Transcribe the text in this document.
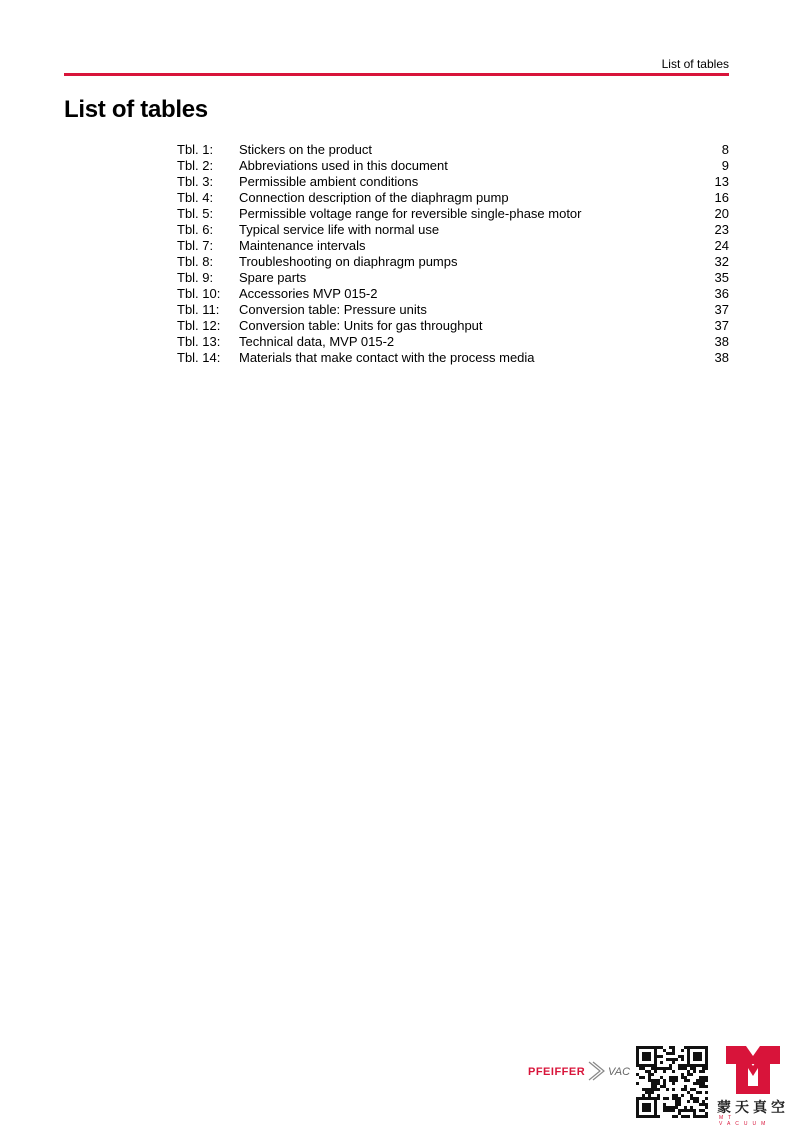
List of tables
List of tables
Tbl. 1:	Stickers on the product	8
Tbl. 2:	Abbreviations used in this document	9
Tbl. 3:	Permissible ambient conditions	13
Tbl. 4:	Connection description of the diaphragm pump	16
Tbl. 5:	Permissible voltage range for reversible single-phase motor	20
Tbl. 6:	Typical service life with normal use	23
Tbl. 7:	Maintenance intervals	24
Tbl. 8:	Troubleshooting on diaphragm pumps	32
Tbl. 9:	Spare parts	35
Tbl. 10:	Accessories MVP 015-2	36
Tbl. 11:	Conversion table: Pressure units	37
Tbl. 12:	Conversion table: Units for gas throughput	37
Tbl. 13:	Technical data, MVP 015-2	38
Tbl. 14:	Materials that make contact with the process media	38
PFEIFFER VAC
蒙天真空
MT VACUUM
